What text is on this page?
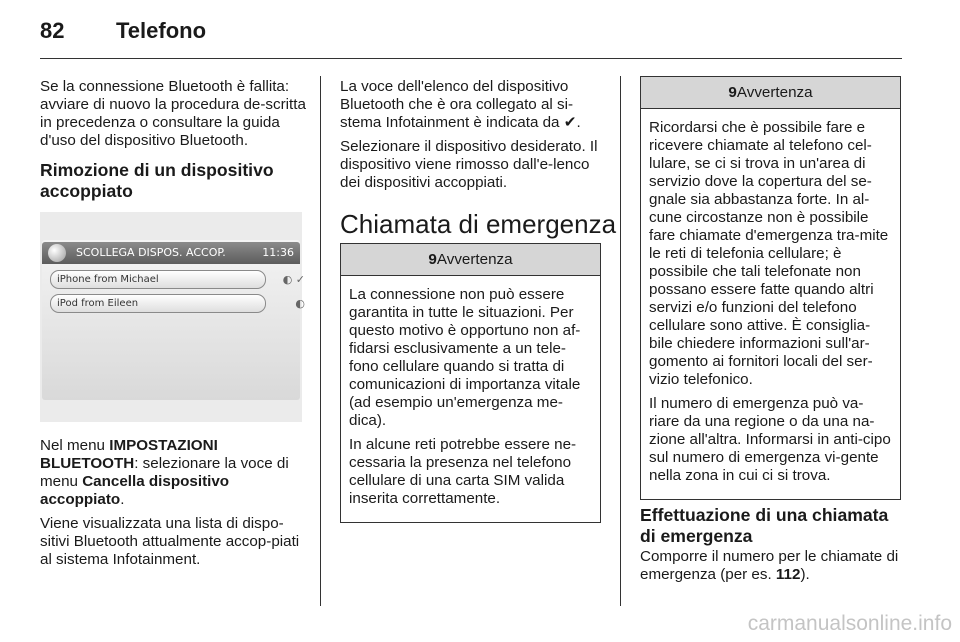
82 Telefono

Se la connessione Bluetooth è fallita: avviare di nuovo la procedura de-scritta in precedenza o consultare la guida d'uso del dispositivo Bluetooth.

Rimozione di un dispositivo accoppiato

SCOLLEGA DISPOS. ACCOP.	11:36
iPhone from Michael	◐ ✓
iPod from Eileen	◐

Nel menu IMPOSTAZIONI BLUETOOTH: selezionare la voce di menu Cancella dispositivo accoppiato.

Viene visualizzata una lista di dispo-sitivi Bluetooth attualmente accop-piati al sistema Infotainment.

La voce dell'elenco del dispositivo Bluetooth che è ora collegato al si-stema Infotainment è indicata da ✔.

Selezionare il dispositivo desiderato. Il dispositivo viene rimosso dall'e-lenco dei dispositivi accoppiati.

Chiamata di emergenza
9Avvertenza

La connessione non può essere garantita in tutte le situazioni. Per questo motivo è opportuno non af-fidarsi esclusivamente a un tele-fono cellulare quando si tratta di comunicazioni di importanza vitale (ad esempio un'emergenza me-dica).

In alcune reti potrebbe essere ne-cessaria la presenza nel telefono cellulare di una carta SIM valida inserita correttamente.

9Avvertenza

Ricordarsi che è possibile fare e ricevere chiamate al telefono cel-lulare, se ci si trova in un'area di servizio dove la copertura del se-gnale sia abbastanza forte. In al-cune circostanze non è possibile fare chiamate d'emergenza tra-mite le reti di telefonia cellulare; è possibile che tali telefonate non possano essere fatte quando altri servizi e/o funzioni del telefono cellulare sono attive. È consiglia-bile chiedere informazioni sull'ar-gomento ai fornitori locali del ser-vizio telefonico.

Il numero di emergenza può va-riare da una regione o da una na-zione all'altra. Informarsi in anti-cipo sul numero di emergenza vi-gente nella zona in cui ci si trova.

Effettuazione di una chiamata di emergenza

Comporre il numero per le chiamate di emergenza (per es. 112).

carmanualsonline.info
